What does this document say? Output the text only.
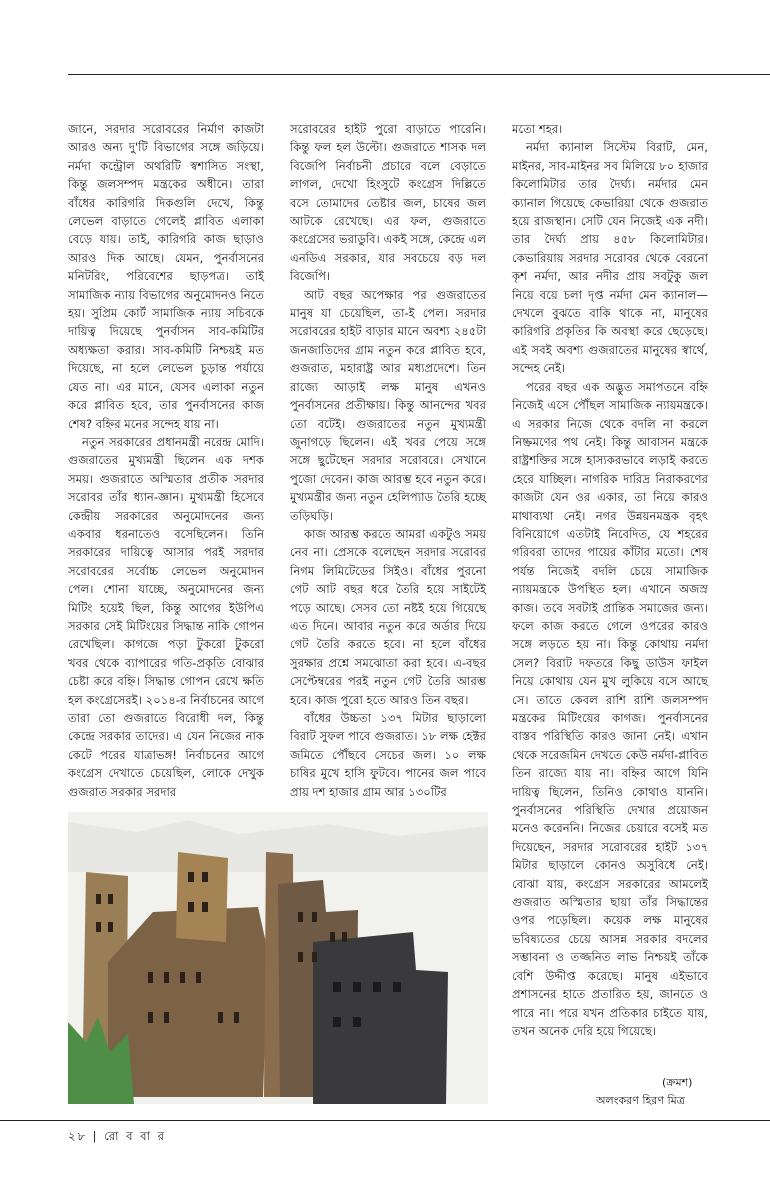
জানে, সরদার সরোবরের নির্মাণ কাজটা আরও অন্য দু'টি বিভাগের সঙ্গে জড়িয়ে। নর্মদা কন্ট্রোল অথরিটি স্বশাসিত সংস্থা, কিন্তু জলসম্পদ মন্ত্রকের অধীনে। তারা বাঁধের কারিগরি দিকগুলি দেখে, কিন্তু লেভেল বাড়াতে গেলেই প্লাবিত এলাকা বেড়ে যায়। তাই, কারিগরি কাজ ছাড়াও আরও দিক আছে। যেমন, পুনর্বাসনের মনিটরিং, পরিবেশের ছাড়পত্র। তাই সামাজিক ন্যায় বিভাগের অনুমোদনও নিতে হয়। সুপ্রিম কোর্ট সামাজিক ন্যায় সচিবকে দায়িত্ব দিয়েছে পুনর্বাসন সাব-কমিটির অধ্যক্ষতা করার। সাব-কমিটি নিশ্চয়ই মত দিয়েছে, না হলে লেভেল চূড়ান্ত পর্যায়ে যেত না। এর মানে, যেসব এলাকা নতুন করে প্লাবিত হবে, তার পুনর্বাসনের কাজ শেষ? বহ্নির মনের সন্দেহ যায় না।

নতুন সরকারের প্রধানমন্ত্রী নরেন্দ্র মোদি। গুজরাতের মুখ্যমন্ত্রী ছিলেন এক দশক সময়। গুজরাতে অস্মিতার প্রতীক সরদার সরোবর তাঁর ধ্যান-জ্ঞান। মুখ্যমন্ত্রী হিসেবে কেন্দ্রীয় সরকারের অনুমোদনের জন্য একবার ধরনাতেও বসেছিলেন। তিনি সরকারের দায়িত্বে আসার পরই সরদার সরোবরের সর্বোচ্চ লেভেল অনুমোদন পেল। শোনা যাচ্ছে, অনুমোদনের জন্য মিটিং হয়েই ছিল, কিন্তু আগের ইউপিএ সরকার সেই মিটিংয়ের সিদ্ধান্ত নাকি গোপন রেখেছিল। কাগজে পড়া টুকরো টুকরো খবর থেকে ব্যাপারের গতি-প্রকৃতি বোঝার চেষ্টা করে বহ্নি। সিদ্ধান্ত গোপন রেখে ক্ষতি হল কংগ্রেসেরই। ২০১৪-র নির্বাচনের আগে তারা তো গুজরাতে বিরোধী দল, কিন্তু কেন্দ্রে সরকার তাদের। এ যেন নিজের নাক কেটে পরের যাত্রাভঙ্গ! নির্বাচনের আগে কংগ্রেস দেখাতে চেয়েছিল, লোকে দেখুক গুজরাত সরকার সরদার

সরোবরের হাইট পুরো বাড়াতে পারেনি। কিন্তু ফল হল উল্টো। গুজরাতে শাসক দল বিজেপি নির্বাচনী প্রচারে বলে বেড়াতে লাগল, দেখো হিংসুটে কংগ্রেস দিল্লিতে বসে তোমাদের তেষ্টার জল, চাষের জল আটকে রেখেছে। এর ফল, গুজরাতে কংগ্রেসের ভরাডুবি। একই সঙ্গে, কেন্দ্রে এল এনডিএ সরকার, যার সবচেয়ে বড় দল বিজেপি।

আট বছর অপেক্ষার পর গুজরাতের মানুষ যা চেয়েছিল, তা-ই পেল। সরদার সরোবরের হাইট বাড়ার মানে অবশ্য ২৪৫টা জনজাতিদের গ্রাম নতুন করে প্লাবিত হবে, গুজরাত, মহারাষ্ট্র আর মধ্যপ্রদেশে। তিন রাজ্যে আড়াই লক্ষ মানুষ এখনও পুনর্বাসনের প্রতীক্ষায়। কিন্তু আনন্দের খবর তো বটেই। গুজরাতের নতুন মুখ্যমন্ত্রী জুনাগড়ে ছিলেন। এই খবর পেয়ে সঙ্গে সঙ্গে ছুটেছেন সরদার সরোবরে। সেখানে পুজো দেবেন। কাজ আরম্ভ হবে নতুন করে। মুখ্যমন্ত্রীর জন্য নতুন হেলিপ্যাড তৈরি হচ্ছে তড়িঘড়ি।

কাজ আরম্ভ করতে আমরা একটুও সময় নেব না। প্রেসকে বলেছেন সরদার সরোবর নিগম লিমিটেডের সিইও। বাঁধের পুরনো গেট আট বছর ধরে তৈরি হয়ে সাইটেই পড়ে আছে। সেসব তো নষ্টই হয়ে গিয়েছে এত দিনে। আবার নতুন করে অর্ডার দিয়ে গেট তৈরি করতে হবে। না হলে বাঁধের সুরক্ষার প্রশ্নে সমঝোতা করা হবে। এ-বছর সেপ্টেম্বরের পরই নতুন গেট তৈরি আরম্ভ হবে। কাজ পুরো হতে আরও তিন বছর।

বাঁধের উচ্চতা ১৩৭ মিটার ছাড়ালো বিরাট সুফল পাবে গুজরাত। ১৮ লক্ষ হেক্টর জমিতে পৌঁছবে সেচের জল। ১০ লক্ষ চাষির মুখে হাসি ফুটবে। পানের জল পাবে প্রায় দশ হাজার গ্রাম আর ১৩০টির

মতো শহর।

নর্মদা ক্যানাল সিস্টেম বিরাট, মেন, মাইনর, সাব-মাইনর সব মিলিয়ে ৮০ হাজার কিলোমিটার তার দৈর্ঘ্য। নর্মদার মেন ক্যানাল গিয়েছে কেভারিয়া থেকে গুজরাত হয়ে রাজস্থান। সেটি যেন নিজেই এক নদী। তার দৈর্ঘ্য প্রায় ৪৫৮ কিলোমিটার। কেভারিয়ায় সরদার সরোবর থেকে বেরনো কৃশ নর্মদা, আর নদীর প্রায় সবটুকু জল নিয়ে বয়ে চলা দৃপ্ত নর্মদা মেন ক্যানাল— দেখলে বুঝতে বাকি থাকে না, মানুষের কারিগরি প্রকৃতির কি অবস্থা করে ছেড়েছে। এই সবই অবশ্য গুজরাতের মানুষের স্বার্থে, সন্দেহ নেই।

পরের বছর এক অদ্ভুত সমাপতনে বহ্নি নিজেই এসে পৌঁছল সামাজিক ন্যায়মন্ত্রকে। এ সরকার নিজে থেকে বদলি না করলে নিষ্ক্রমণের পথ নেই। কিন্তু আবাসন মন্ত্রকে রাষ্ট্রশক্তির সঙ্গে হাস্যকরভাবে লড়াই করতে হেরে যাচ্ছিল। নাগরিক দারিদ্র নিরাকরণের কাজটা যেন ওর একার, তা নিয়ে কারও মাথাব্যথা নেই। নগর উন্নয়নমন্ত্রক বৃহৎ বিনিয়োগে এতটাই নিবেদিত, যে শহরের গরিবরা তাদের পায়ের কাঁটার মতো। শেষ পর্যন্ত নিজেই বদলি চেয়ে সামাজিক ন্যায়মন্ত্রকে উপস্থিত হল। এখানে অজস্র কাজ। তবে সবটাই প্রান্তিক সমাজের জন্য। ফলে কাজ করতে গেলে ওপরের কারও সঙ্গে লড়তে হয় না। কিন্তু কোথায় নর্মদা সেল? বিরাট দফতরে কিছু ডাউস ফাইল নিয়ে কোথায় যেন মুখ লুকিয়ে বসে আছে সে। তাতে কেবল রাশি রাশি জলসম্পদ মন্ত্রকের মিটিংয়ের কাগজ। পুনর্বাসনের বাস্তব পরিস্থিতি কারও জানা নেই। এখান থেকে সরেজমিন দেখতে কেউ নর্মদা-প্লাবিত তিন রাজ্যে যায় না। বহ্নির আগে যিনি দায়িত্ব ছিলেন, তিনিও কোথাও যাননি। পুনর্বাসনের পরিস্থিতি দেখার প্রয়োজন মনেও করেননি। নিজের চেয়ারে বসেই মত দিয়েছেন, সরদার সরোবরের হাইট ১৩৭ মিটার ছাড়ালে কোনও অসুবিধে নেই। বোঝা যায়, কংগ্রেস সরকারের আমলেই গুজরাত অস্মিতার ছায়া তাঁর সিদ্ধান্তের ওপর পড়েছিল। কয়েক লক্ষ মানুষের ভবিষ্যতের চেয়ে আসন্ন সরকার বদলের সম্ভাবনা ও তজ্জনিত লাভ নিশ্চয়ই তাঁকে বেশি উদ্দীপ্ত করেছে। মানুষ এইভাবে প্রশাসনের হাতে প্রতারিত হয়, জানতে ও পারে না। পরে যখন প্রতিকার চাইতে যায়, তখন অনেক দেরি হয়ে গিয়েছে।

(ক্রমশ)
অলংকরণ হিরণ মিত্র
২৮ | রো ব বা র
